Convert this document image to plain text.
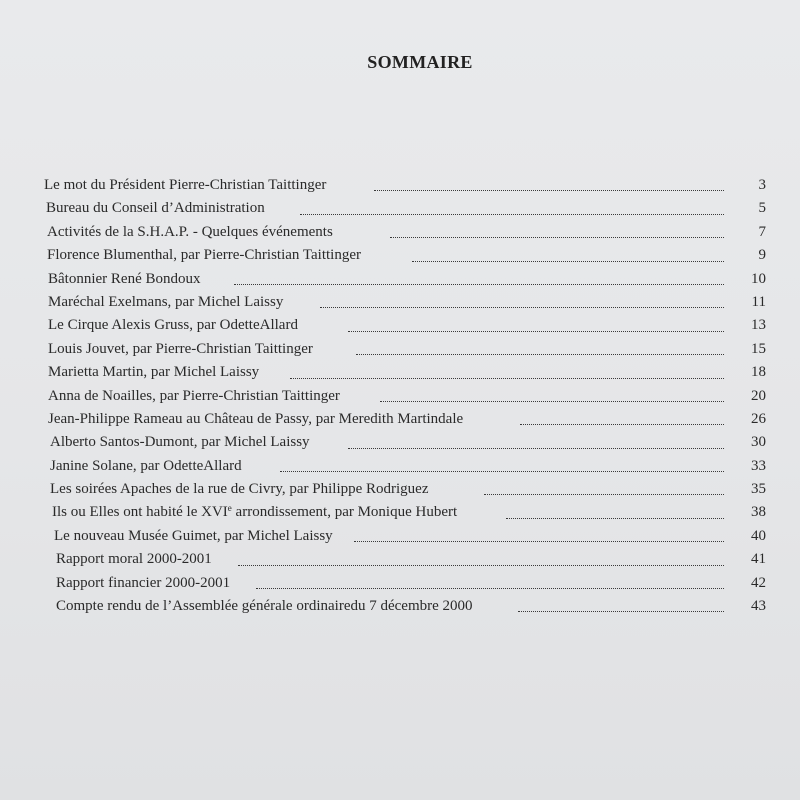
SOMMAIRE
Le mot du Président Pierre-Christian Taittinger	3
Bureau du Conseil d’Administration	5
Activités de la S.H.A.P. - Quelques événements	7
Florence Blumenthal, par Pierre-Christian Taittinger	9
Bâtonnier René Bondoux	10
Maréchal Exelmans, par Michel Laissy	11
Le Cirque Alexis Gruss, par OdetteAllard	13
Louis Jouvet, par Pierre-Christian Taittinger	15
Marietta Martin, par Michel Laissy	18
Anna de Noailles, par Pierre-Christian Taittinger	20
Jean-Philippe Rameau au Château de Passy, par Meredith Martindale	26
Alberto Santos-Dumont, par Michel Laissy	30
Janine Solane, par OdetteAllard	33
Les soirées Apaches de la rue de Civry, par Philippe Rodriguez	35
Ils ou Elles ont habité le XVIe arrondissement, par Monique Hubert	38
Le nouveau Musée Guimet, par Michel Laissy	40
Rapport moral 2000-2001	41
Rapport financier 2000-2001	42
Compte rendu de l’Assemblée générale ordinairedu 7 décembre 2000	43
